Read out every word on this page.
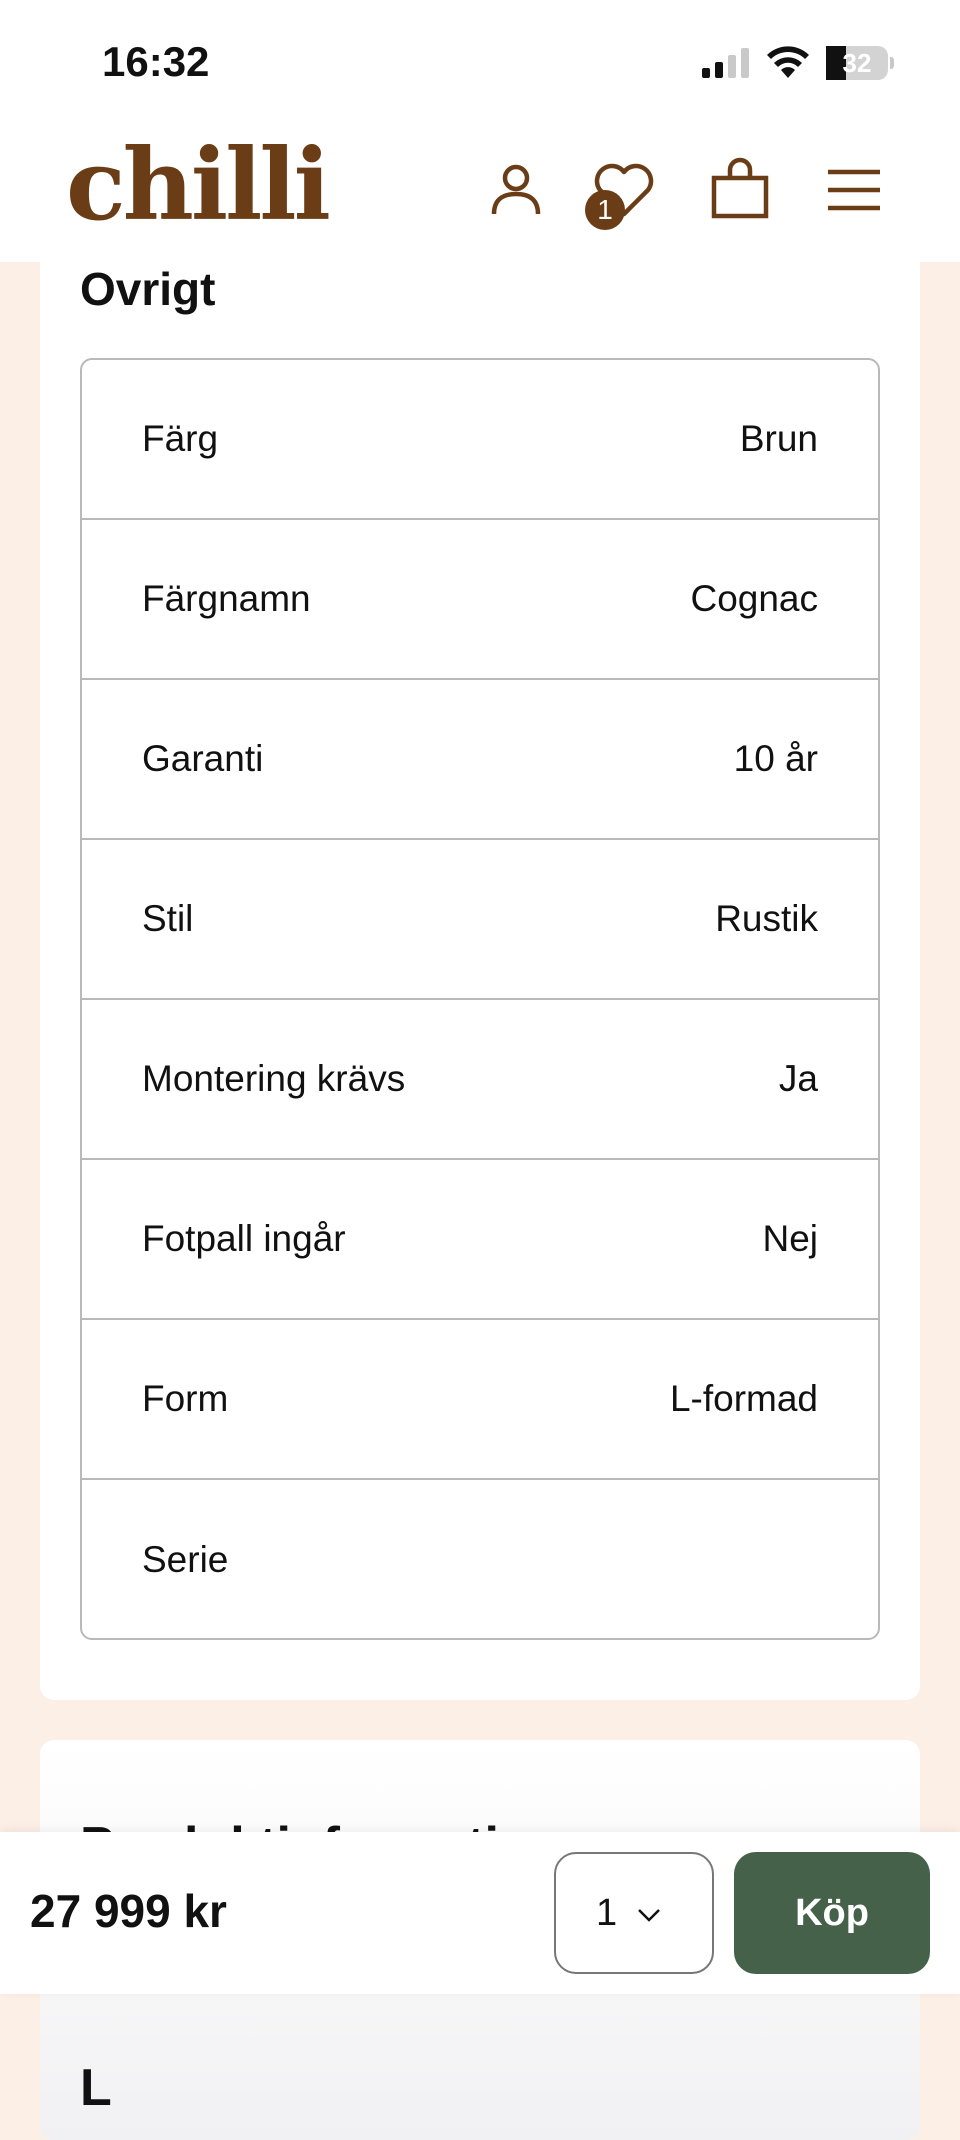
16:32	32
chilli	1
Ovrigt
Färg	Brun
Färgnamn	Cognac
Garanti	10 år
Stil	Rustik
Montering krävs	Ja
Fotpall ingår	Nej
Form	L-formad
Serie
L
27 999 kr	1	Köp
